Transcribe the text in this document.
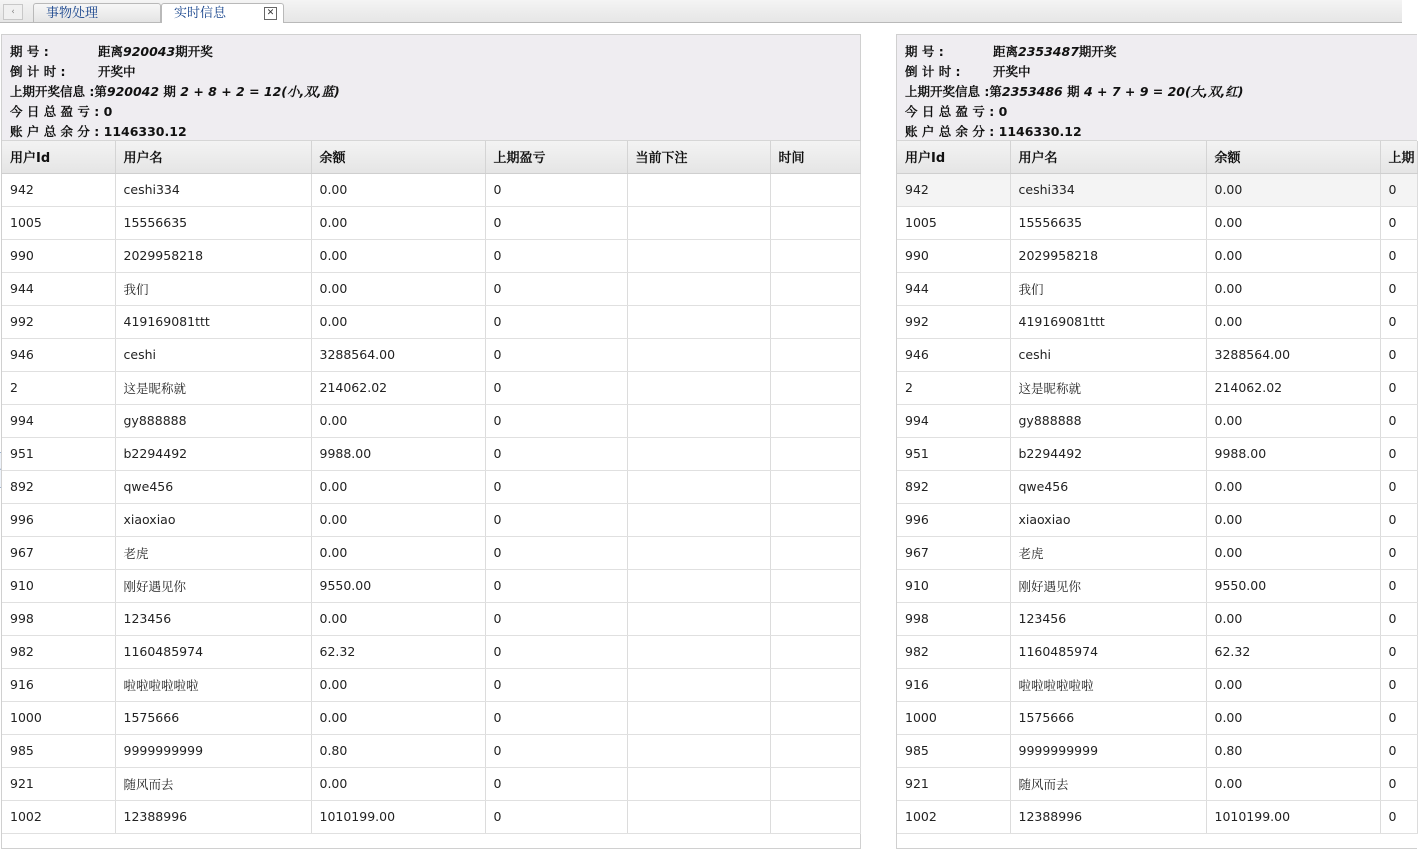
‹	事物处理	实时信息	✕
期 号 :	距离920043期开奖
倒 计 时 :	开奖中
上期开奖信息 :第920042 期 2 + 8 + 2 = 12(小,双,蓝)
今 日 总 盈 亏 : 0
账 户 总 余 分 : 1146330.12
用户Id	用户名	余额	上期盈亏	当前下注	时间
942	ceshi334	0.00	0		
1005	15556635	0.00	0		
990	2029958218	0.00	0		
944	我们	0.00	0		
992	419169081ttt	0.00	0		
946	ceshi	3288564.00	0		
2	这是昵称就	214062.02	0		
994	gy888888	0.00	0		
951	b2294492	9988.00	0		
892	qwe456	0.00	0		
996	xiaoxiao	0.00	0		
967	老虎	0.00	0		
910	刚好遇见你	9550.00	0		
998	123456	0.00	0		
982	1160485974	62.32	0		
916	啦啦啦啦啦啦	0.00	0		
1000	1575666	0.00	0		
985	9999999999	0.80	0		
921	随风而去	0.00	0		
1002	12388996	1010199.00	0		
期 号 :	距离2353487期开奖
倒 计 时 :	开奖中
上期开奖信息 :第2353486 期 4 + 7 + 9 = 20(大,双,红)
今 日 总 盈 亏 : 0
账 户 总 余 分 : 1146330.12
用户Id	用户名	余额	上期
942	ceshi334	0.00	0
1005	15556635	0.00	0
990	2029958218	0.00	0
944	我们	0.00	0
992	419169081ttt	0.00	0
946	ceshi	3288564.00	0
2	这是昵称就	214062.02	0
994	gy888888	0.00	0
951	b2294492	9988.00	0
892	qwe456	0.00	0
996	xiaoxiao	0.00	0
967	老虎	0.00	0
910	刚好遇见你	9550.00	0
998	123456	0.00	0
982	1160485974	62.32	0
916	啦啦啦啦啦啦	0.00	0
1000	1575666	0.00	0
985	9999999999	0.80	0
921	随风而去	0.00	0
1002	12388996	1010199.00	0
